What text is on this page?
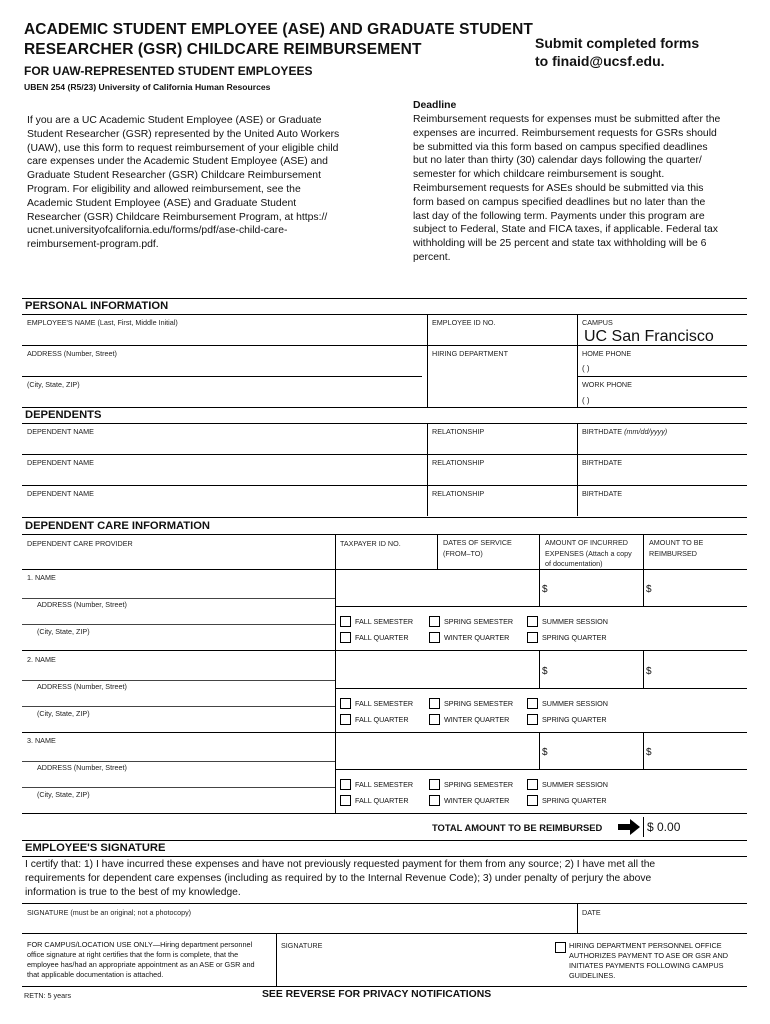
ACADEMIC STUDENT EMPLOYEE (ASE) AND GRADUATE STUDENT
RESEARCHER (GSR) CHILDCARE REIMBURSEMENT
FOR UAW-REPRESENTED STUDENT EMPLOYEES
UBEN 254 (R5/23) University of California Human Resources
Submit completed forms
to finaid@ucsf.edu.
If you are a UC Academic Student Employee (ASE) or Graduate
Student Researcher (GSR) represented by the United Auto Workers
(UAW), use this form to request reimbursement of your eligible child
care expenses under the Academic Student Employee (ASE) and
Graduate Student Researcher (GSR) Childcare Reimbursement
Program. For eligibility and allowed reimbursement, see the
Academic Student Employee (ASE) and Graduate Student
Researcher (GSR) Childcare Reimbursement Program, at https://
ucnet.universityofcalifornia.edu/forms/pdf/ase-child-care-
reimbursement-program.pdf.
Deadline
Reimbursement requests for expenses must be submitted after the
expenses are incurred. Reimbursement requests for GSRs should
be submitted via this form based on campus specified deadlines
but no later than thirty (30) calendar days following the quarter/
semester for which childcare reimbursement is sought.
Reimbursement requests for ASEs should be submitted via this
form based on campus specified deadlines but no later than the
last day of the following term. Payments under this program are
subject to Federal, State and FICA taxes, if applicable. Federal tax
withholding will be 25 percent and state tax withholding will be 6
percent.
PERSONAL INFORMATION
EMPLOYEE'S NAME (Last, First, Middle Initial)	EMPLOYEE ID NO.	CAMPUS
UC San Francisco
ADDRESS (Number, Street)	HIRING DEPARTMENT	HOME PHONE
( )
(City, State, ZIP)	WORK PHONE
( )
DEPENDENTS
DEPENDENT NAME	RELATIONSHIP	BIRTHDATE (mm/dd/yyyy)
DEPENDENT NAME	RELATIONSHIP	BIRTHDATE
DEPENDENT NAME	RELATIONSHIP	BIRTHDATE
DEPENDENT CARE INFORMATION
DEPENDENT CARE PROVIDER	TAXPAYER ID NO.	DATES OF SERVICE
(FROM–TO)
AMOUNT OF INCURRED
EXPENSES (Attach a copy
of documentation)
AMOUNT TO BE
REIMBURSED
1. NAME
ADDRESS (Number, Street)
(City, State, ZIP)
$	$
FALL SEMESTER	SPRING SEMESTER	SUMMER SESSION
FALL QUARTER	WINTER QUARTER	SPRING QUARTER
2. NAME
ADDRESS (Number, Street)
(City, State, ZIP)
$	$
FALL SEMESTER	SPRING SEMESTER	SUMMER SESSION
FALL QUARTER	WINTER QUARTER	SPRING QUARTER
3. NAME
ADDRESS (Number, Street)
(City, State, ZIP)
$	$
FALL SEMESTER	SPRING SEMESTER	SUMMER SESSION
FALL QUARTER	WINTER QUARTER	SPRING QUARTER
TOTAL AMOUNT TO BE REIMBURSED	$ 0.00
EMPLOYEE'S SIGNATURE
I certify that: 1) I have incurred these expenses and have not previously requested payment for them from any source; 2) I have met all the
requirements for dependent care expenses (including as required by to the Internal Revenue Code); 3) under penalty of perjury the above
information is true to the best of my knowledge.
SIGNATURE (must be an original; not a photocopy)	DATE
FOR CAMPUS/LOCATION USE ONLY—Hiring department personnel
office signature at right certifies that the form is complete, that the
employee has/had an appropriate appointment as an ASE or GSR and
that applicable documentation is attached.
SIGNATURE	HIRING DEPARTMENT PERSONNEL OFFICE
AUTHORIZES PAYMENT TO ASE OR GSR AND
INITIATES PAYMENTS FOLLOWING CAMPUS
GUIDELINES.
RETN: 5 years	SEE REVERSE FOR PRIVACY NOTIFICATIONS
